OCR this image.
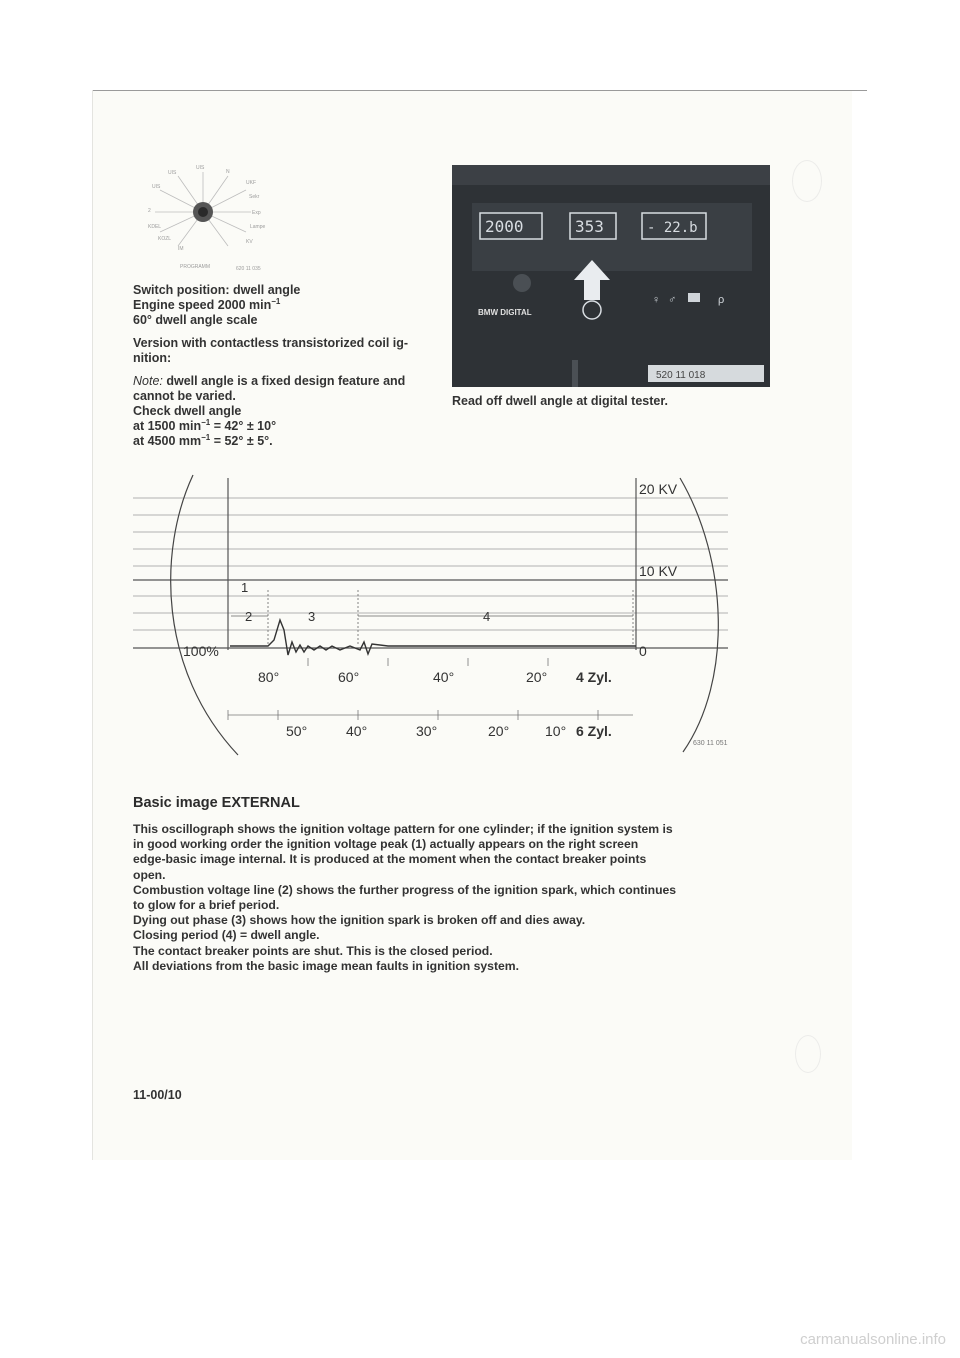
UIS
N
UIS
UKF
UIS
Sekr
2	Exp
KDEL	Lampe
KOZL	KV
IM
PROGRAMM	620 11 035

Switch position: dwell angle
Engine speed 2000 $\min^{-1}$
60° dwell angle scale

Version with contactless transistorized coil ig-
nition:

Note: dwell angle is a fixed design feature and
cannot be varied.
Check dwell angle
at 1500 $\min^{-1} = 42^\circ \pm 10^\circ$
at 4500 $mm^{-1} = 52^\circ \pm 5^\circ$.

2000	353	- 22.b
BMW DIGITAL
♀ ♂	ρ
520 11 018
Read off dwell angle at digital tester.
20 KV
10 KV
0
100%
1
2	3	4
80°	60°	40°	20° 4 Zyl.
50°	40°	30°	20°	10° 6 Zyl.
630 11 051
Basic image EXTERNAL
This oscillograph shows the ignition voltage pattern for one cylinder; if the ignition system is
in good working order the ignition voltage peak (1) actually appears on the right screen
edge-basic image internal. It is produced at the moment when the contact breaker points
open.
Combustion voltage line (2) shows the further progress of the ignition spark, which continues
to glow for a brief period.
Dying out phase (3) shows how the ignition spark is broken off and dies away.
Closing period (4) = dwell angle.
The contact breaker points are shut. This is the closed period.
All deviations from the basic image mean faults in ignition system.
11-00/10
carmanualsonline.info
